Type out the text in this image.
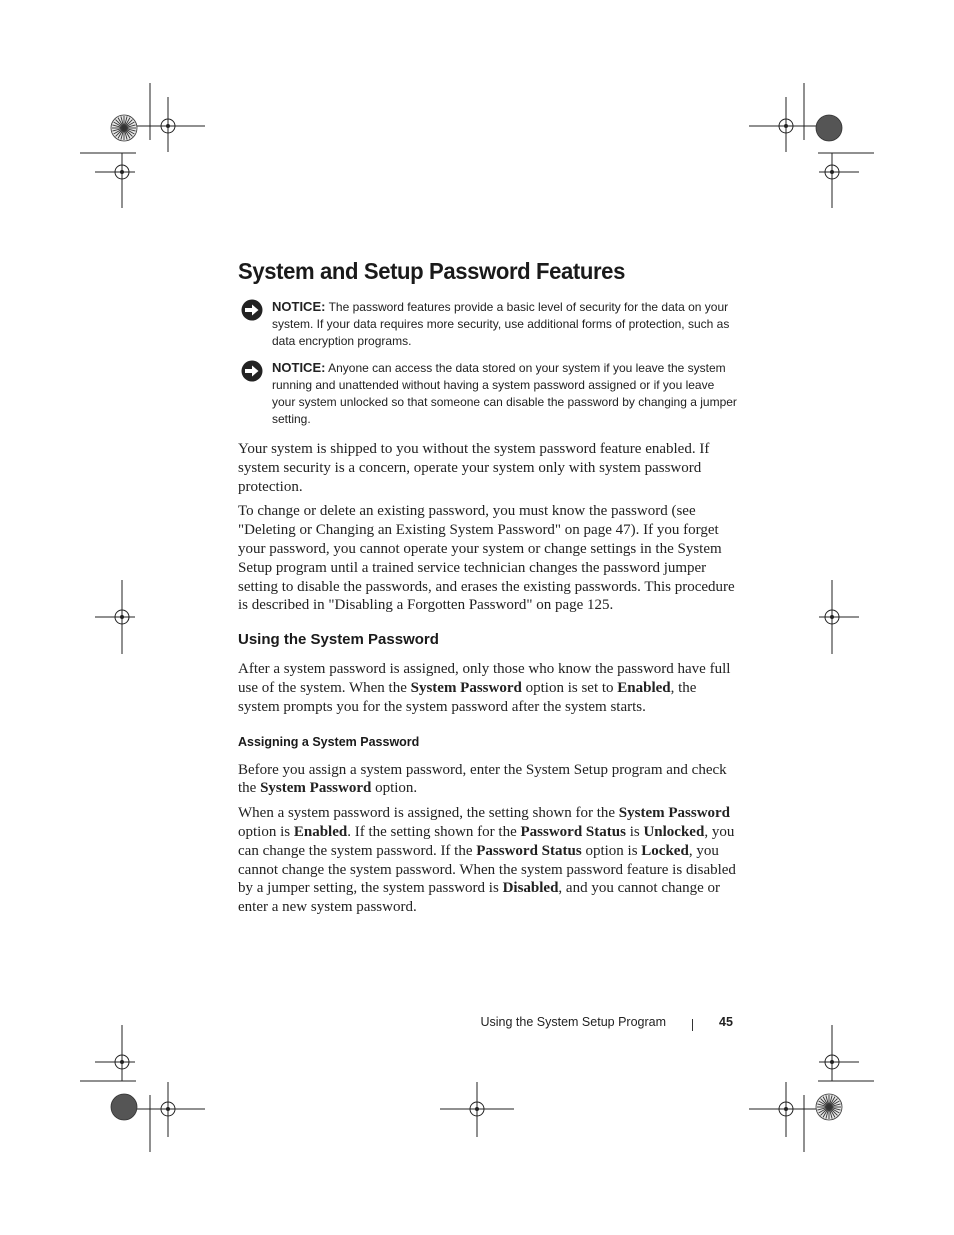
System and Setup Password Features
NOTICE: The password features provide a basic level of security for the data on your system. If your data requires more security, use additional forms of protection, such as data encryption programs.
NOTICE: Anyone can access the data stored on your system if you leave the system running and unattended without having a system password assigned or if you leave your system unlocked so that someone can disable the password by changing a jumper setting.

Your system is shipped to you without the system password feature enabled. If system security is a concern, operate your system only with system password protection.

To change or delete an existing password, you must know the password (see "Deleting or Changing an Existing System Password" on page 47). If you forget your password, you cannot operate your system or change settings in the System Setup program until a trained service technician changes the password jumper setting to disable the passwords, and erases the existing passwords. This procedure is described in "Disabling a Forgotten Password" on page 125.

Using the System Password

After a system password is assigned, only those who know the password have full use of the system. When the System Password option is set to Enabled, the system prompts you for the system password after the system starts.

Assigning a System Password

Before you assign a system password, enter the System Setup program and check the System Password option.

When a system password is assigned, the setting shown for the System Password option is Enabled. If the setting shown for the Password Status is Unlocked, you can change the system password. If the Password Status option is Locked, you cannot change the system password. When the system password feature is disabled by a jumper setting, the system password is Disabled, and you cannot change or enter a new system password.

Using the System Setup Program	45
